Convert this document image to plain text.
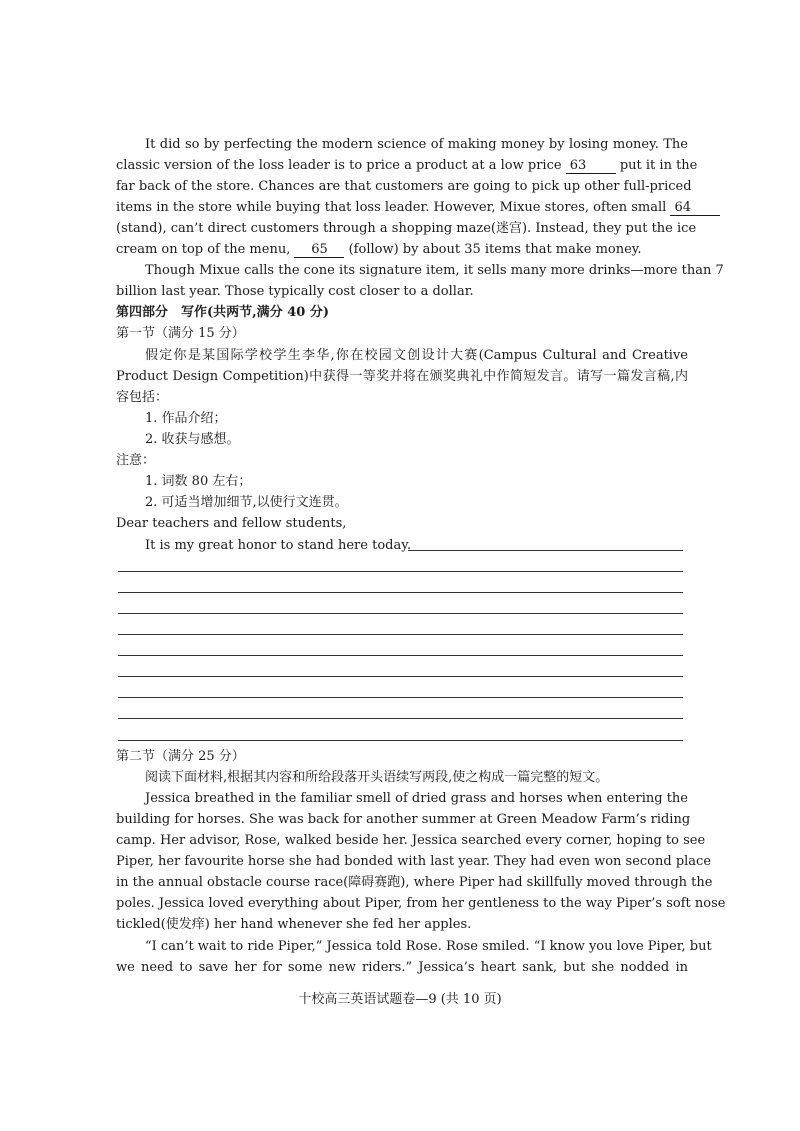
It did so by perfecting the modern science of making money by losing money. The
classic version of the loss leader is to price a product at a low price 63	put it in the
far back of the store. Chances are that customers are going to pick up other full-priced
items in the store while buying that loss leader. However, Mixue stores, often small 64
(stand), can’t direct customers through a shopping maze(迷宫). Instead, they put the ice
cream on top of the menu, 65 (follow) by about 35 items that make money.
Though Mixue calls the cone its signature item, it sells many more drinks—more than 7
billion last year. Those typically cost closer to a dollar.
第四部分　写作(共两节,满分 40 分)
第一节（满分 15 分）
假定你是某国际学校学生李华,你在校园文创设计大赛(Campus Cultural and Creative
Product Design Competition)中获得一等奖并将在颁奖典礼中作简短发言。请写一篇发言稿,内
容包括：
1. 作品介绍；
2. 收获与感想。
注意：
1. 词数 80 左右；
2. 可适当增加细节,以使行文连贯。
Dear teachers and fellow students,
It is my great honor to stand here today.
第二节（满分 25 分）
阅读下面材料,根据其内容和所给段落开头语续写两段,使之构成一篇完整的短文。
Jessica breathed in the familiar smell of dried grass and horses when entering the
building for horses. She was back for another summer at Green Meadow Farm’s riding
camp. Her advisor, Rose, walked beside her. Jessica searched every corner, hoping to see
Piper, her favourite horse she had bonded with last year. They had even won second place
in the annual obstacle course race(障碍赛跑), where Piper had skillfully moved through the
poles. Jessica loved everything about Piper, from her gentleness to the way Piper’s soft nose
tickled(使发痒) her hand whenever she fed her apples.
“I can’t wait to ride Piper,” Jessica told Rose. Rose smiled. “I know you love Piper, but
we need to save her for some new riders.” Jessica’s heart sank, but she nodded in
十校高三英语试题卷—9 (共 10 页)
